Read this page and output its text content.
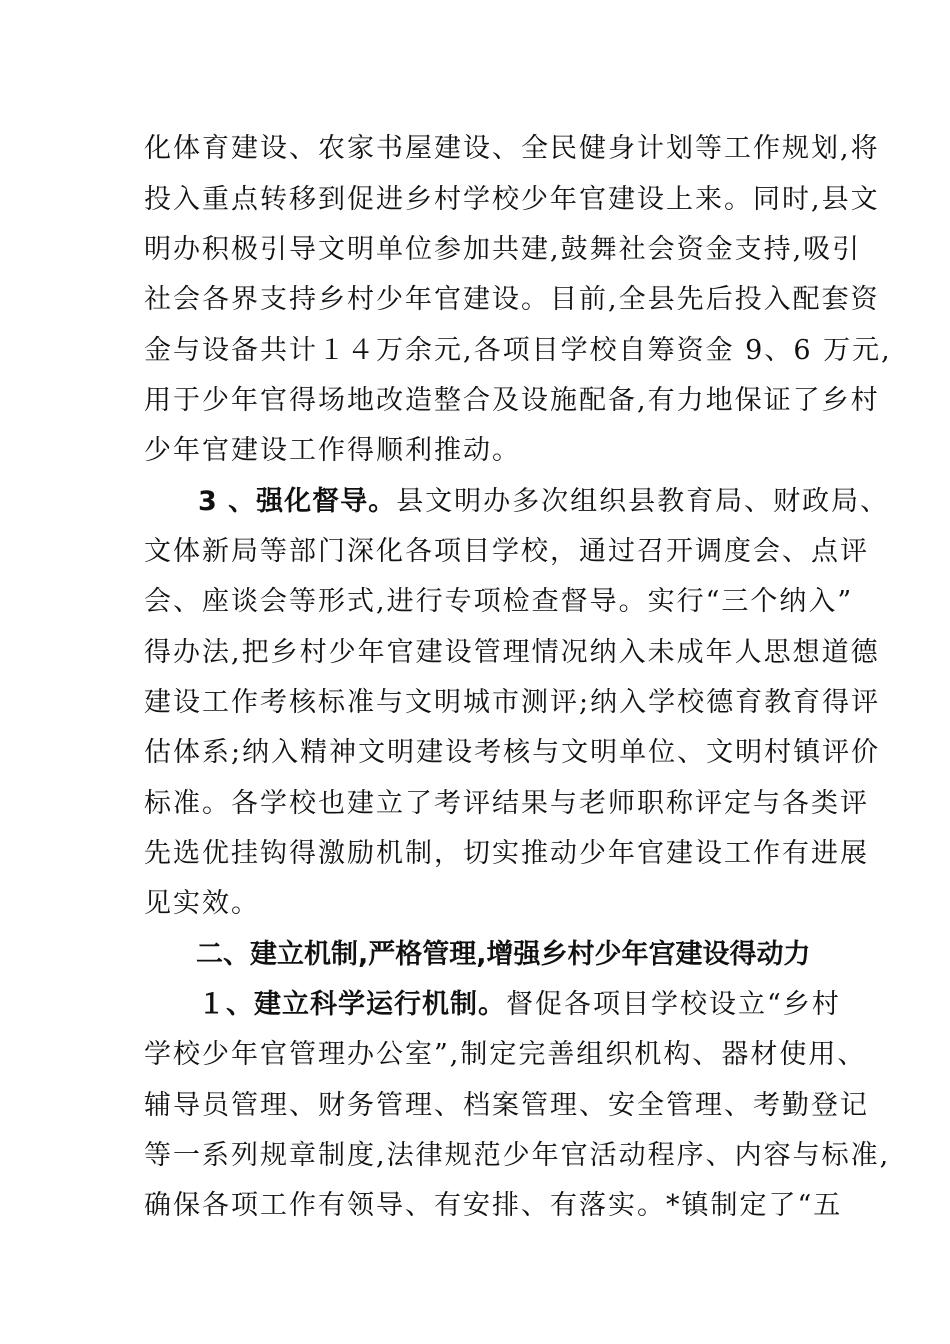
化体育建设、农家书屋建设、全民健身计划等工作规划,将
投入重点转移到促进乡村学校少年官建设上来。同时,县文
明办积极引导文明单位参加共建,鼓舞社会资金支持,吸引
社会各界支持乡村少年官建设。目前,全县先后投入配套资
金与设备共计１４万余元,各项目学校自筹资金 9、6 万元,
用于少年官得场地改造整合及设施配备,有力地保证了乡村
少年官建设工作得顺利推动。
3 、强化督导。县文明办多次组织县教育局、财政局、
文体新局等部门深化各项目学校，通过召开调度会、点评
会、座谈会等形式,进行专项检查督导。实行“三个纳入”
得办法,把乡村少年官建设管理情况纳入未成年人思想道德
建设工作考核标准与文明城市测评;纳入学校德育教育得评
估体系;纳入精神文明建设考核与文明单位、文明村镇评价
标准。各学校也建立了考评结果与老师职称评定与各类评
先选优挂钩得激励机制，切实推动少年官建设工作有进展
见实效。
二、建立机制,严格管理,增强乡村少年宫建设得动力
１、建立科学运行机制。督促各项目学校设立“乡村
学校少年官管理办公室”,制定完善组织机构、器材使用、
辅导员管理、财务管理、档案管理、安全管理、考勤登记
等一系列规章制度,法律规范少年官活动程序、内容与标准,
确保各项工作有领导、有安排、有落实。*镇制定了“五
